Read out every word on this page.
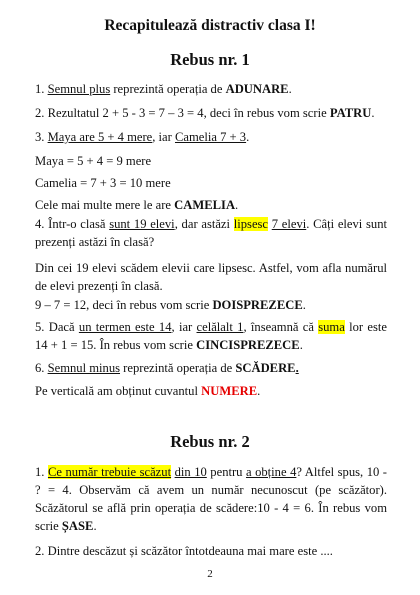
Recapitulează distractiv clasa I!
Rebus nr. 1

1. Semnul plus reprezintă operația de ADUNARE.

2. Rezultatul 2 + 5 - 3 = 7 – 3 = 4, deci în rebus vom scrie PATRU.

3. Maya are 5 + 4 mere, iar Camelia 7 + 3.

Maya = 5 + 4 = 9 mere

Camelia = 7 + 3 = 10 mere

Cele mai multe mere le are CAMELIA.

4. Într-o clasă sunt 19 elevi, dar astăzi lipsesc 7 elevi. Câți elevi sunt prezenți astăzi în clasă?

Din cei 19 elevi scădem elevii care lipsesc. Astfel, vom afla numărul de elevi prezenți în clasă.

9 – 7 = 12, deci în rebus vom scrie DOISPREZECE.

5. Dacă un termen este 14, iar celălalt 1, înseamnă că suma lor este 14 + 1 = 15. În rebus vom scrie CINCISPREZECE.

6. Semnul minus reprezintă operația de SCĂDERE.

Pe verticală am obținut cuvantul NUMERE.

Rebus nr. 2

1. Ce număr trebuie scăzut din 10 pentru a obține 4? Altfel spus, 10 - ? = 4. Observăm că avem un număr necunoscut (pe scăzător). Scăzătorul se află prin operația de scădere:10 - 4 = 6. În rebus vom scrie ȘASE.

2. Dintre descăzut și scăzător întotdeauna mai mare este ....

2
